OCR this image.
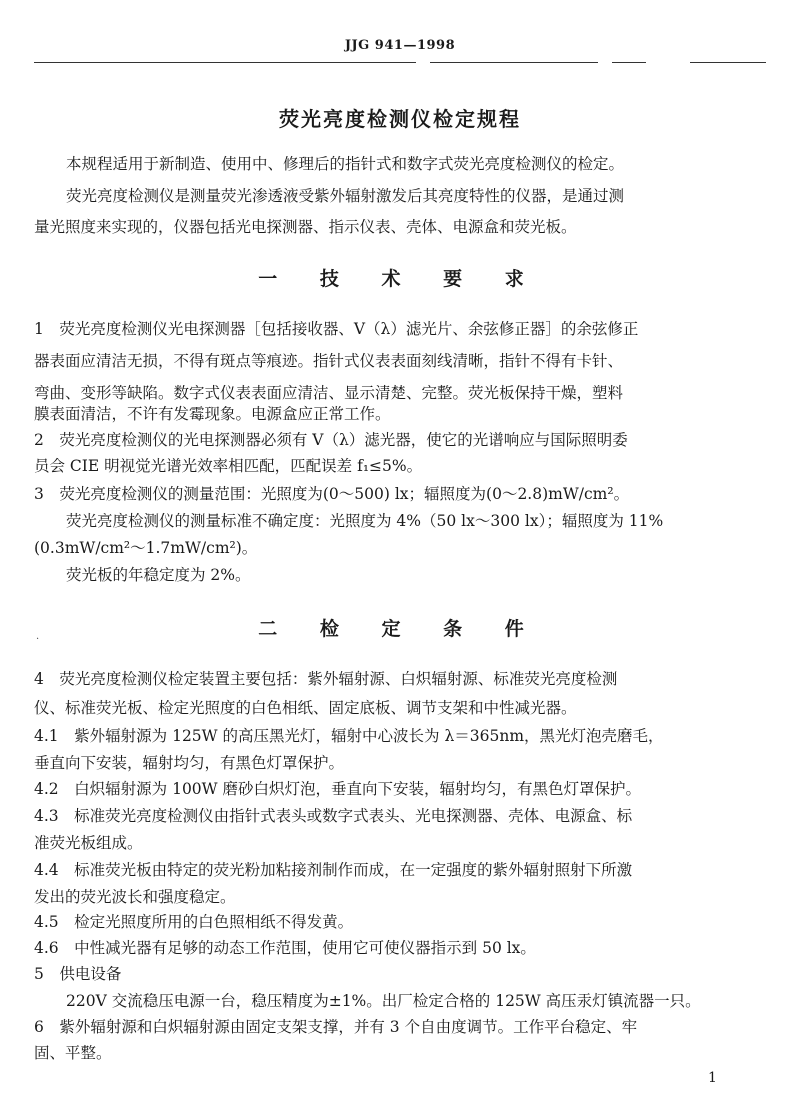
JJG 941—1998
荧光亮度检测仪检定规程
本规程适用于新制造、使用中、修理后的指针式和数字式荧光亮度检测仪的检定。
荧光亮度检测仪是测量荧光渗透液受紫外辐射激发后其亮度特性的仪器，是通过测
量光照度来实现的，仪器包括光电探测器、指示仪表、壳体、电源盒和荧光板。
一 技 术 要 求
1　荧光亮度检测仪光电探测器［包括接收器、V（λ）滤光片、余弦修正器］的余弦修正
器表面应清洁无损，不得有斑点等痕迹。指针式仪表表面刻线清晰，指针不得有卡针、
弯曲、变形等缺陷。数字式仪表表面应清洁、显示清楚、完整。荧光板保持干燥，塑料
膜表面清洁，不许有发霉现象。电源盒应正常工作。
2　荧光亮度检测仪的光电探测器必须有 V（λ）滤光器，使它的光谱响应与国际照明委
员会 CIE 明视觉光谱光效率相匹配，匹配误差 f₁≤5%。
3　荧光亮度检测仪的测量范围：光照度为(0～500) lx；辐照度为(0～2.8)mW/cm²。
荧光亮度检测仪的测量标准不确定度：光照度为 4%（50 lx～300 lx）；辐照度为 11%
(0.3mW/cm²～1.7mW/cm²)。
荧光板的年稳定度为 2%。
二 检 定 条 件
·
4　荧光亮度检测仪检定装置主要包括：紫外辐射源、白炽辐射源、标准荧光亮度检测
仪、标准荧光板、检定光照度的白色相纸、固定底板、调节支架和中性减光器。
4.1　紫外辐射源为 125W 的高压黑光灯，辐射中心波长为 λ＝365nm，黑光灯泡壳磨毛，
垂直向下安装，辐射均匀，有黑色灯罩保护。
4.2　白炽辐射源为 100W 磨砂白炽灯泡，垂直向下安装，辐射均匀，有黑色灯罩保护。
4.3　标准荧光亮度检测仪由指针式表头或数字式表头、光电探测器、壳体、电源盒、标
准荧光板组成。
4.4　标准荧光板由特定的荧光粉加粘接剂制作而成，在一定强度的紫外辐射照射下所激
发出的荧光波长和强度稳定。
4.5　检定光照度所用的白色照相纸不得发黄。
4.6　中性减光器有足够的动态工作范围，使用它可使仪器指示到 50 lx。
5　供电设备
220V 交流稳压电源一台，稳压精度为±1%。出厂检定合格的 125W 高压汞灯镇流器一只。
6　紫外辐射源和白炽辐射源由固定支架支撑，并有 3 个自由度调节。工作平台稳定、牢
固、平整。
1
